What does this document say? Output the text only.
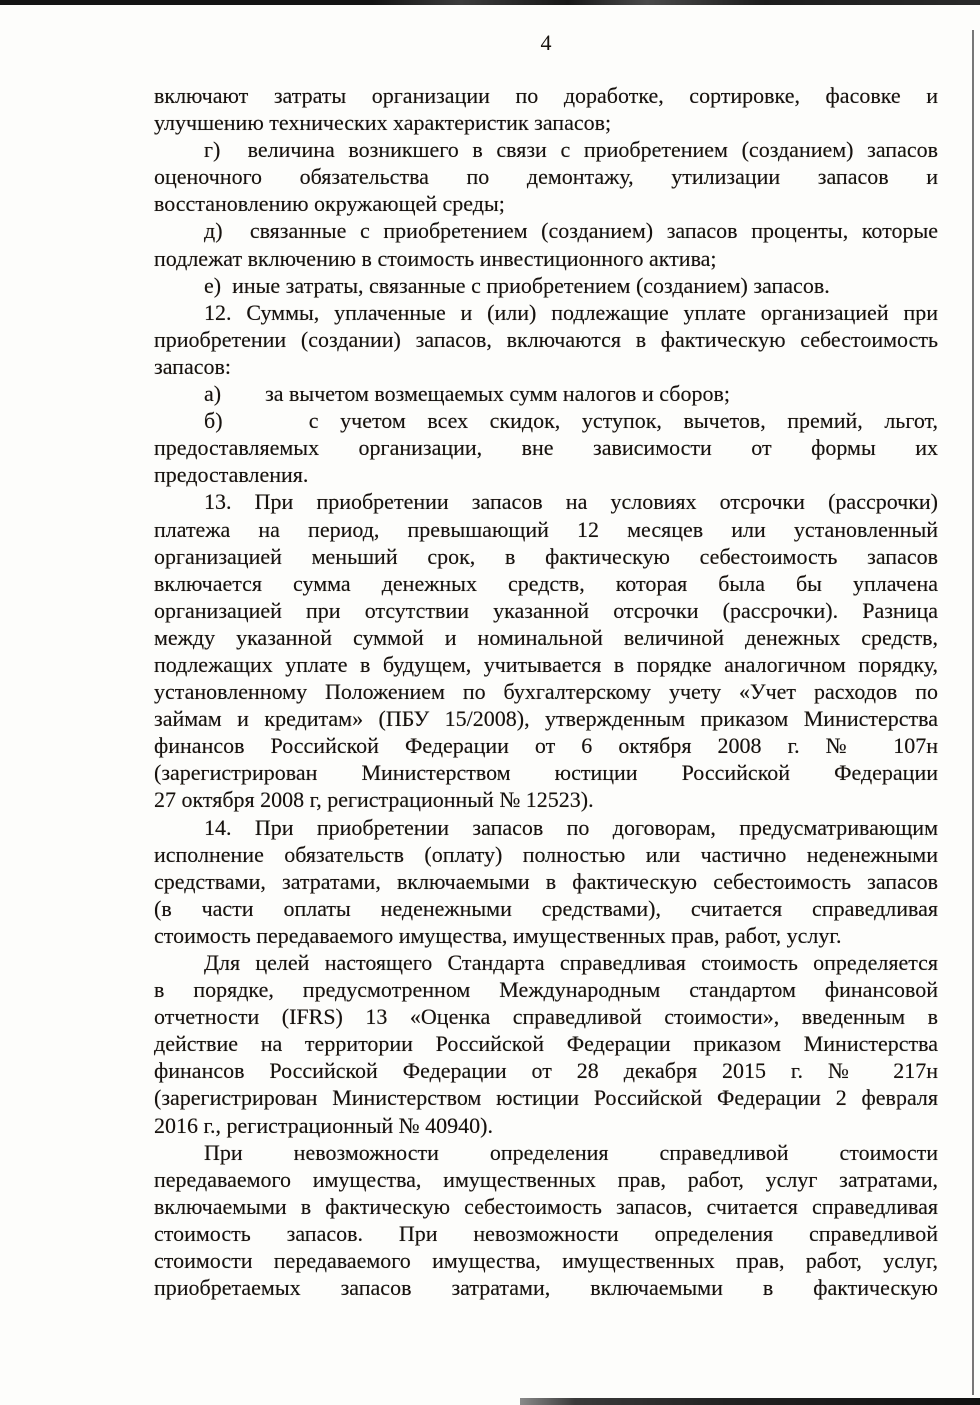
4
включают затраты организации по доработке, сортировке, фасовке и
улучшению технических характеристик запасов;
г)  величина возникшего в связи с приобретением (созданием) запасов
оценочного обязательства по демонтажу, утилизации запасов и
восстановлению окружающей среды;
д)  связанные с приобретением (созданием) запасов проценты, которые
подлежат включению в стоимость инвестиционного актива;
е)  иные затраты, связанные с приобретением (созданием) запасов.
12. Суммы, уплаченные и (или) подлежащие уплате организацией при
приобретении (создании) запасов, включаются в фактическую себестоимость
запасов:
а)        за вычетом возмещаемых сумм налогов и сборов;
б)    с учетом всех скидок, уступок, вычетов, премий, льгот,
предоставляемых организации, вне зависимости от формы их
предоставления.
13. При приобретении запасов на условиях отсрочки (рассрочки)
платежа на период, превышающий 12 месяцев или установленный
организацией меньший срок, в фактическую себестоимость запасов
включается сумма денежных средств, которая была бы уплачена
организацией при отсутствии указанной отсрочки (рассрочки). Разница
между указанной суммой и номинальной величиной денежных средств,
подлежащих уплате в будущем, учитывается в порядке аналогичном порядку,
установленному Положением по бухгалтерскому учету «Учет расходов по
займам и кредитам» (ПБУ 15/2008), утвержденным приказом Министерства
финансов Российской Федерации от 6 октября 2008 г. № 107н
(зарегистрирован Министерством юстиции Российской Федерации
27 октября 2008 г, регистрационный № 12523).
14. При приобретении запасов по договорам, предусматривающим
исполнение обязательств (оплату) полностью или частично неденежными
средствами, затратами, включаемыми в фактическую себестоимость запасов
(в части оплаты неденежными средствами), считается справедливая
стоимость передаваемого имущества, имущественных прав, работ, услуг.
Для целей настоящего Стандарта справедливая стоимость определяется
в порядке, предусмотренном Международным стандартом финансовой
отчетности (IFRS) 13 «Оценка справедливой стоимости», введенным в
действие на территории Российской Федерации приказом Министерства
финансов Российской Федерации от 28 декабря 2015 г. № 217н
(зарегистрирован Министерством юстиции Российской Федерации 2 февраля
2016 г., регистрационный № 40940).
При невозможности определения справедливой стоимости
передаваемого имущества, имущественных прав, работ, услуг затратами,
включаемыми в фактическую себестоимость запасов, считается справедливая
стоимость запасов. При невозможности определения справедливой
стоимости передаваемого имущества, имущественных прав, работ, услуг,
приобретаемых запасов затратами, включаемыми в фактическую
